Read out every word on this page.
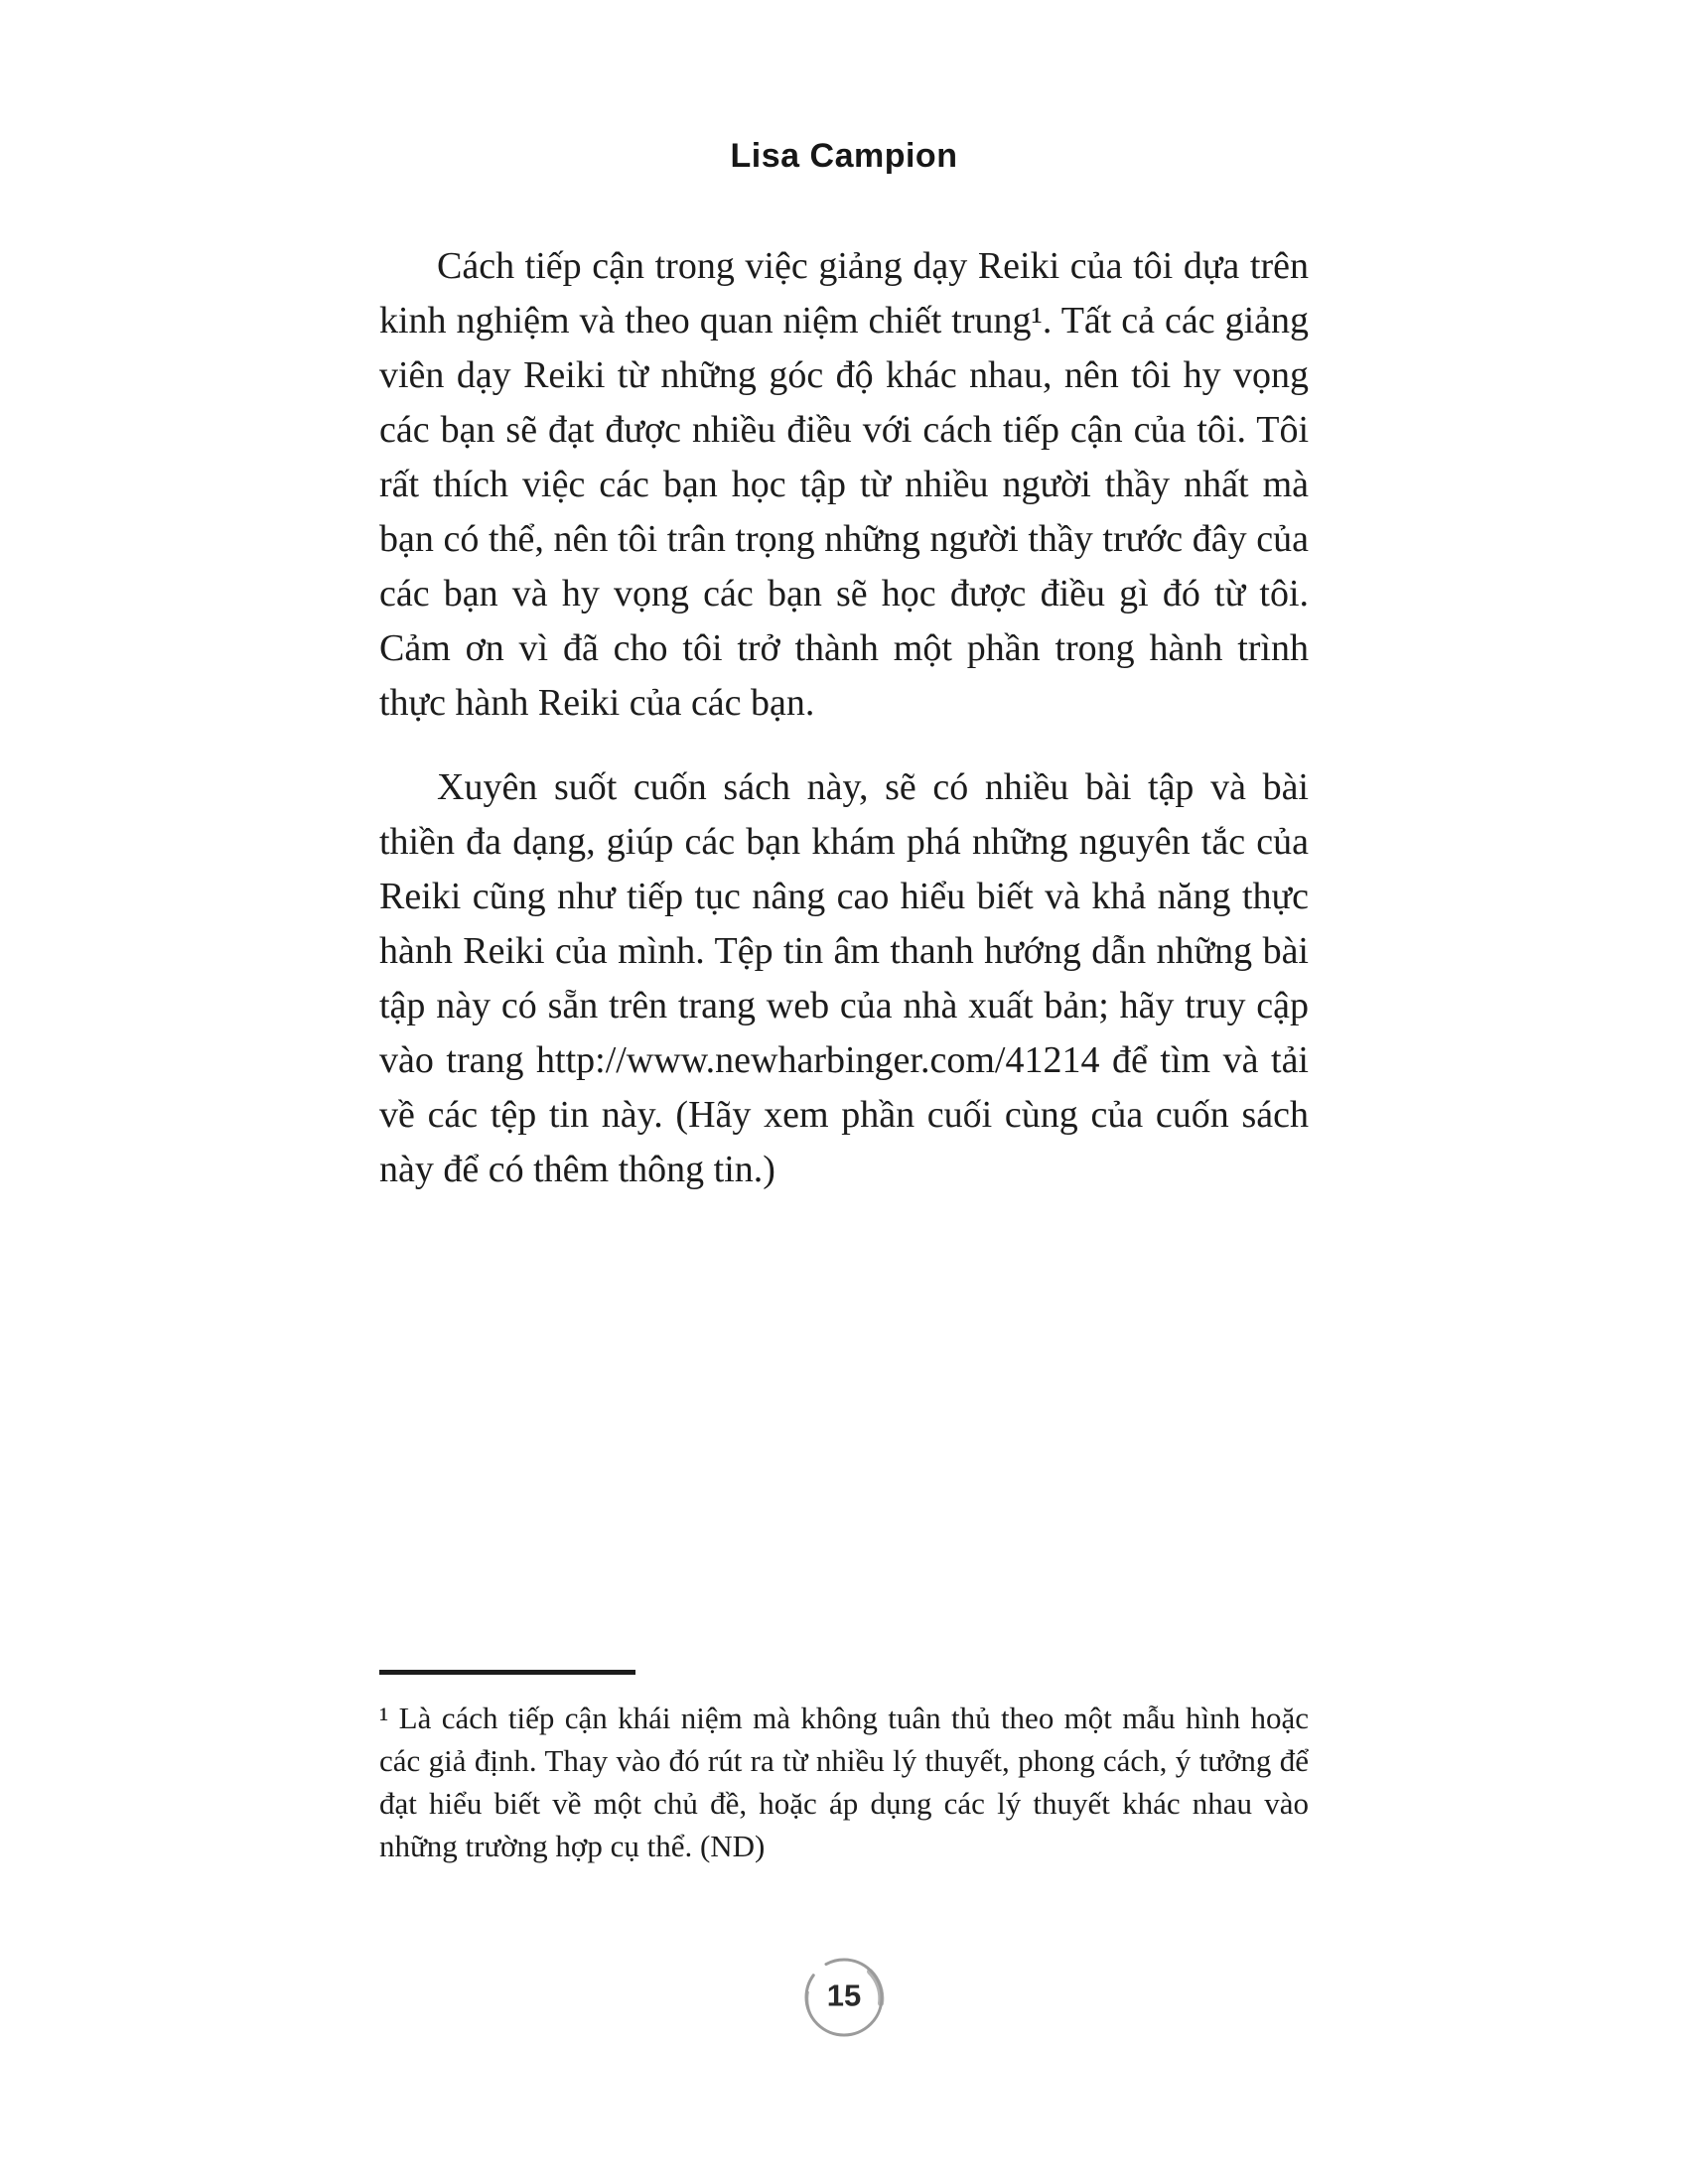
Lisa Campion

Cách tiếp cận trong việc giảng dạy Reiki của tôi dựa trên kinh nghiệm và theo quan niệm chiết trung¹. Tất cả các giảng viên dạy Reiki từ những góc độ khác nhau, nên tôi hy vọng các bạn sẽ đạt được nhiều điều với cách tiếp cận của tôi. Tôi rất thích việc các bạn học tập từ nhiều người thầy nhất mà bạn có thể, nên tôi trân trọng những người thầy trước đây của các bạn và hy vọng các bạn sẽ học được điều gì đó từ tôi. Cảm ơn vì đã cho tôi trở thành một phần trong hành trình thực hành Reiki của các bạn.

Xuyên suốt cuốn sách này, sẽ có nhiều bài tập và bài thiền đa dạng, giúp các bạn khám phá những nguyên tắc của Reiki cũng như tiếp tục nâng cao hiểu biết và khả năng thực hành Reiki của mình. Tệp tin âm thanh hướng dẫn những bài tập này có sẵn trên trang web của nhà xuất bản; hãy truy cập vào trang http://www.newharbinger.com/41214 để tìm và tải về các tệp tin này. (Hãy xem phần cuối cùng của cuốn sách này để có thêm thông tin.)

¹ Là cách tiếp cận khái niệm mà không tuân thủ theo một mẫu hình hoặc các giả định. Thay vào đó rút ra từ nhiều lý thuyết, phong cách, ý tưởng để đạt hiểu biết về một chủ đề, hoặc áp dụng các lý thuyết khác nhau vào những trường hợp cụ thể. (ND)

15
